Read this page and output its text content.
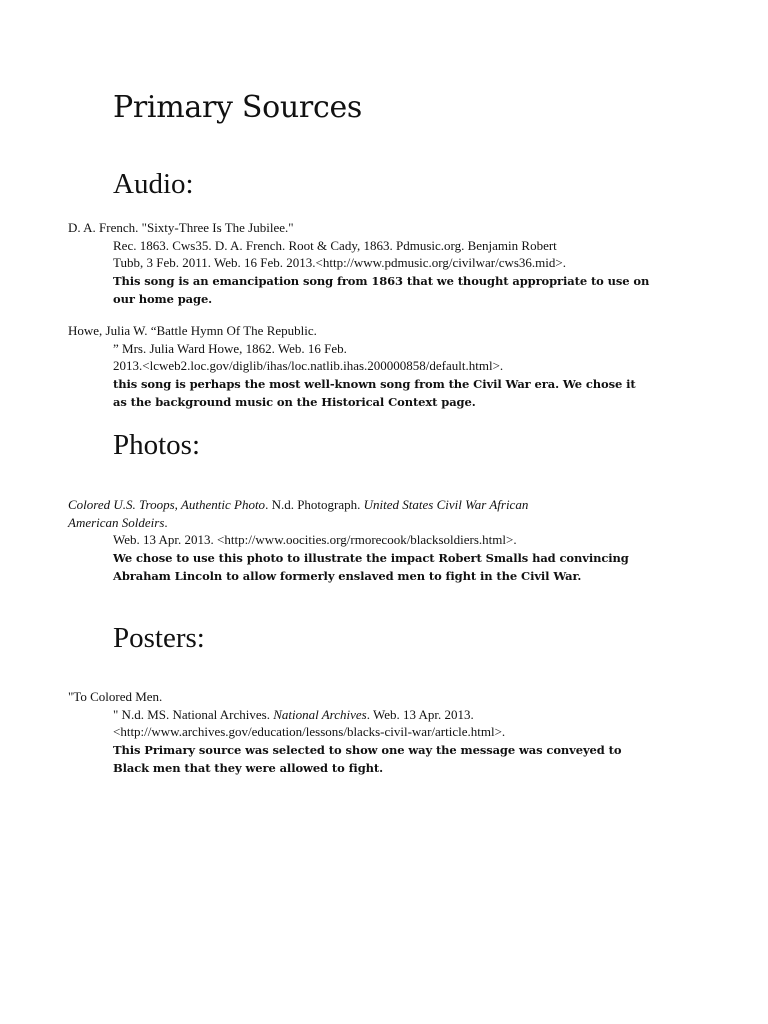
Primary Sources
Audio:
D. A. French. "Sixty-Three Is The Jubilee."
Rec. 1863. Cws35. D. A. French. Root & Cady, 1863. Pdmusic.org. Benjamin Robert
Tubb, 3 Feb. 2011. Web. 16 Feb. 2013.<http://www.pdmusic.org/civilwar/cws36.mid>.
This song is an emancipation song from 1863 that we thought appropriate to use on
our home page.
Howe, Julia W. “Battle Hymn Of The Republic.
” Mrs. Julia Ward Howe, 1862. Web. 16 Feb.
2013.<lcweb2.loc.gov/diglib/ihas/loc.natlib.ihas.200000858/default.html>.
this song is perhaps the most well-known song from the Civil War era. We chose it
as the background music on the Historical Context page.
Photos:
Colored U.S. Troops, Authentic Photo. N.d. Photograph. United States Civil War African
American Soldeirs.
Web. 13 Apr. 2013. <http://www.oocities.org/rmorecook/blacksoldiers.html>.
We chose to use this photo to illustrate the impact Robert Smalls had convincing
Abraham Lincoln to allow formerly enslaved men to fight in the Civil War.
Posters:
"To Colored Men.
" N.d. MS. National Archives. National Archives. Web. 13 Apr. 2013.
<http://www.archives.gov/education/lessons/blacks-civil-war/article.html>.
This Primary source was selected to show one way the message was conveyed to
Black men that they were allowed to fight.
